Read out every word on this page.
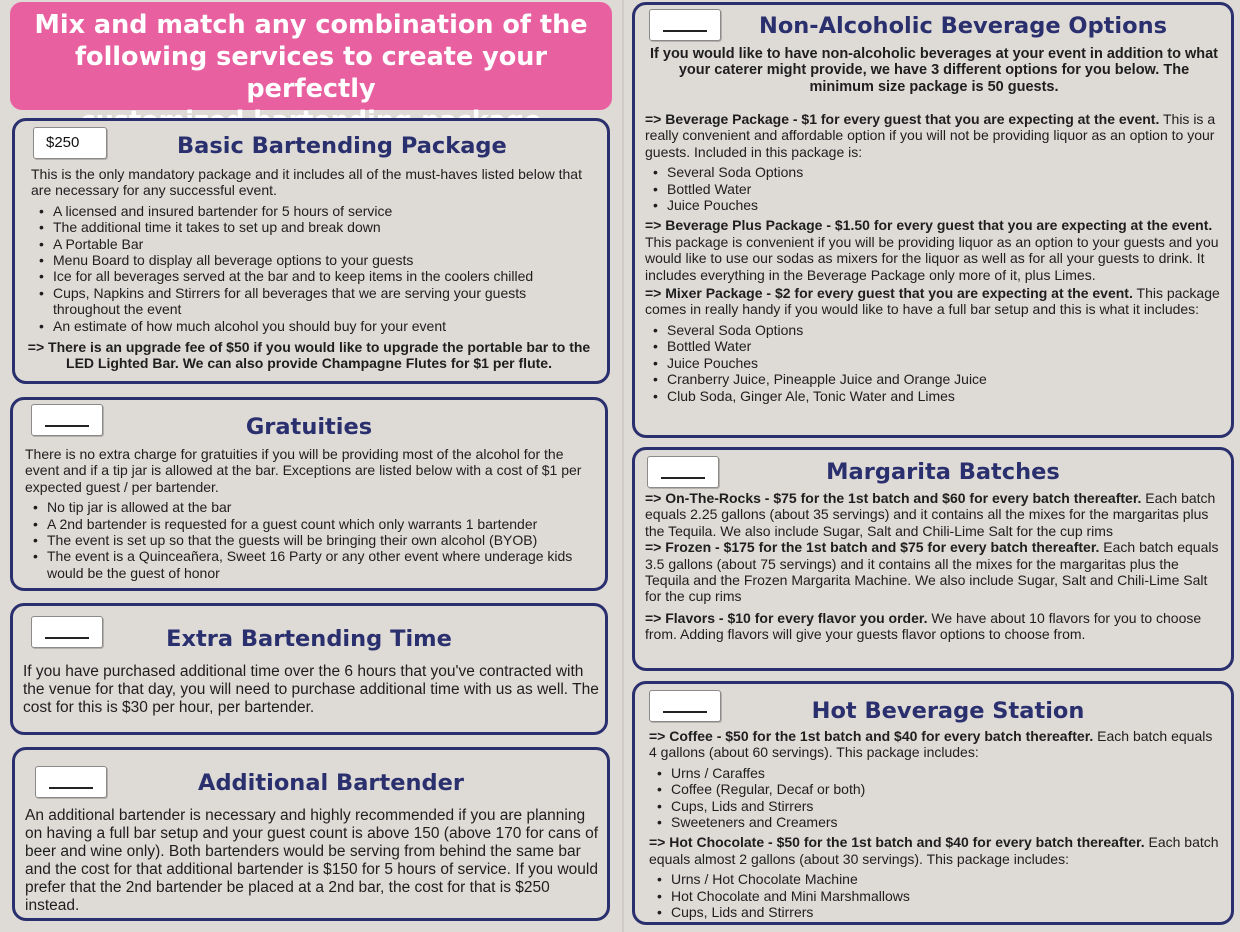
Mix and match any combination of the
following services to create your perfectly
$250	Basic Bartending Package

This is the only mandatory package and it includes all of the must-haves listed below that are necessary for any successful event.

• A licensed and insured bartender for 5 hours of service
• The additional time it takes to set up and break down
• A Portable Bar
• Menu Board to display all beverage options to your guests
• Ice for all beverages served at the bar and to keep items in the coolers chilled
• Cups, Napkins and Stirrers for all beverages that we are serving your guests throughout the event
• An estimate of how much alcohol you should buy for your event
=> There is an upgrade fee of $50 if you would like to upgrade the portable bar to the LED Lighted Bar. We can also provide Champagne Flutes for $1 per flute.
Gratuities

There is no extra charge for gratuities if you will be providing most of the alcohol for the event and if a tip jar is allowed at the bar. Exceptions are listed below with a cost of $1 per expected guest / per bartender.

• No tip jar is allowed at the bar
• A 2nd bartender is requested for a guest count which only warrants 1 bartender
• The event is set up so that the guests will be bringing their own alcohol (BYOB)
• The event is a Quinceañera, Sweet 16 Party or any other event where underage kids would be the guest of honor
Extra Bartending Time
If you have purchased additional time over the 6 hours that you've contracted with the venue for that day, you will need to purchase additional time with us as well. The cost for this is $30 per hour, per bartender.
Additional Bartender
An additional bartender is necessary and highly recommended if you are planning on having a full bar setup and your guest count is above 150 (above 170 for cans of beer and wine only). Both bartenders would be serving from behind the same bar and the cost for that additional bartender is $150 for 5 hours of service. If you would prefer that the 2nd bartender be placed at a 2nd bar, the cost for that is $250 instead.
Non-Alcoholic Beverage Options
If you would like to have non-alcoholic beverages at your event in addition to what your caterer might provide, we have 3 different options for you below. The minimum size package is 50 guests.

=> Beverage Package - $1 for every guest that you are expecting at the event. This is a really convenient and affordable option if you will not be providing liquor as an option to your guests. Included in this package is:

• Several Soda Options
• Bottled Water
• Juice Pouches

=> Beverage Plus Package - $1.50 for every guest that you are expecting at the event. This package is convenient if you will be providing liquor as an option to your guests and you would like to use our sodas as mixers for the liquor as well as for all your guests to drink. It includes everything in the Beverage Package only more of it, plus Limes.

=> Mixer Package - $2 for every guest that you are expecting at the event. This package comes in really handy if you would like to have a full bar setup and this is what it includes:

• Several Soda Options
• Bottled Water
• Juice Pouches
• Cranberry Juice, Pineapple Juice and Orange Juice
• Club Soda, Ginger Ale, Tonic Water and Limes
Margarita Batches

=> On-The-Rocks - $75 for the 1st batch and $60 for every batch thereafter. Each batch equals 2.25 gallons (about 35 servings) and it contains all the mixes for the margaritas plus the Tequila. We also include Sugar, Salt and Chili-Lime Salt for the cup rims

=> Frozen - $175 for the 1st batch and $75 for every batch thereafter. Each batch equals 3.5 gallons (about 75 servings) and it contains all the mixes for the margaritas plus the Tequila and the Frozen Margarita Machine. We also include Sugar, Salt and Chili-Lime Salt for the cup rims

=> Flavors - $10 for every flavor you order. We have about 10 flavors for you to choose from. Adding flavors will give your guests flavor options to choose from.

Hot Beverage Station

=> Coffee - $50 for the 1st batch and $40 for every batch thereafter. Each batch equals 4 gallons (about 60 servings). This package includes:

• Urns / Caraffes
• Coffee (Regular, Decaf or both)
• Cups, Lids and Stirrers
• Sweeteners and Creamers

=> Hot Chocolate - $50 for the 1st batch and $40 for every batch thereafter. Each batch equals almost 2 gallons (about 30 servings). This package includes:

• Urns / Hot Chocolate Machine
• Hot Chocolate and Mini Marshmallows
• Cups, Lids and Stirrers
